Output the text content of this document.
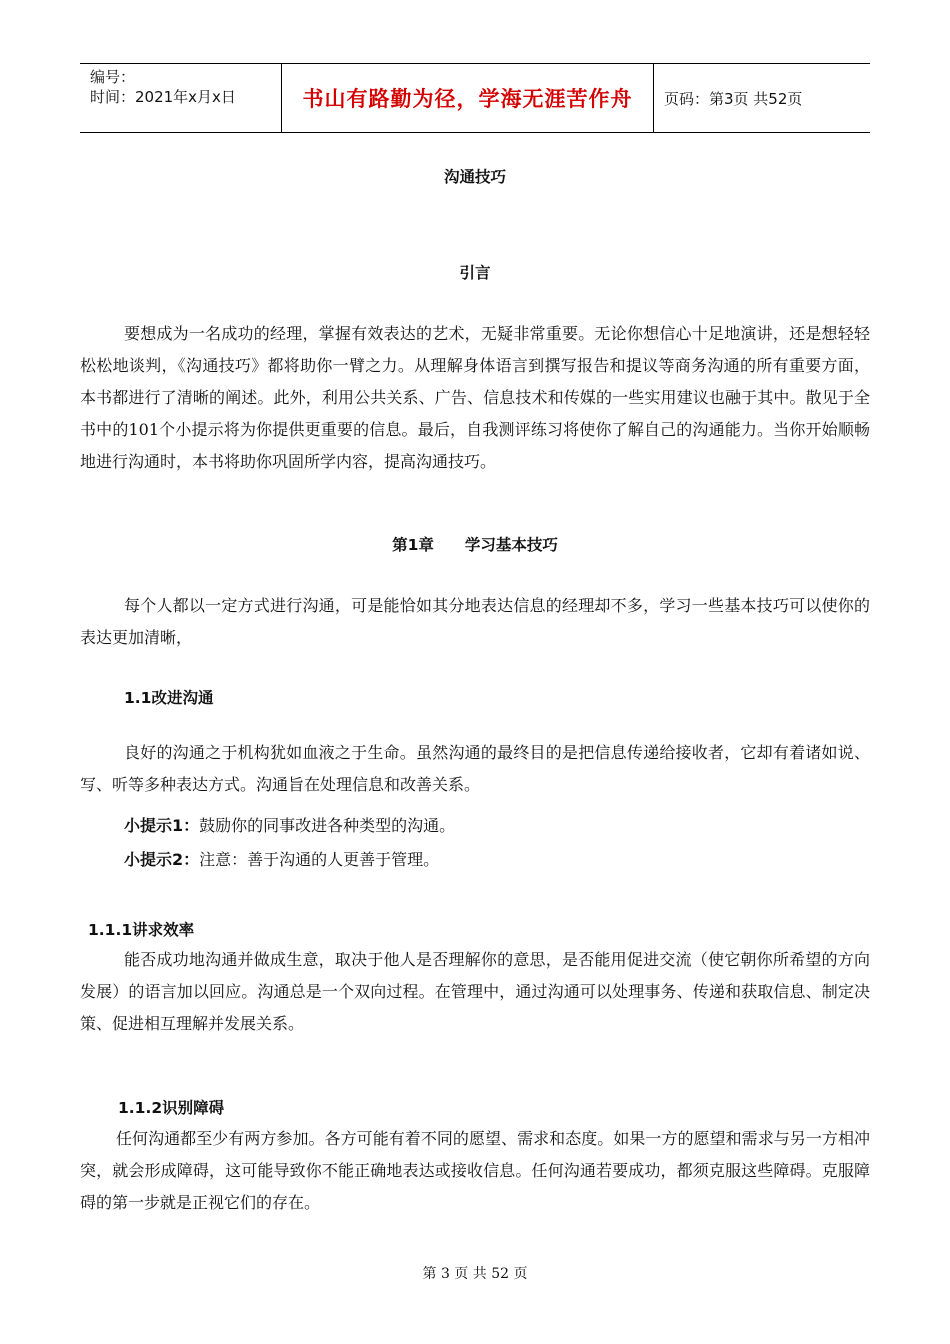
编号：
时间：2021年x月x日	书山有路勤为径，学海无涯苦作舟 页码：第3页 共52页
沟通技巧
引言

要想成为一名成功的经理，掌握有效表达的艺术，无疑非常重要。无论你想信心十足地演讲，还是想轻轻松松地谈判，《沟通技巧》都将助你一臂之力。从理解身体语言到撰写报告和提议等商务沟通的所有重要方面，本书都进行了清晰的阐述。此外，利用公共关系、广告、信息技术和传媒的一些实用建议也融于其中。散见于全书中的101个小提示将为你提供更重要的信息。最后，自我测评练习将使你了解自己的沟通能力。当你开始顺畅地进行沟通时，本书将助你巩固所学内容，提高沟通技巧。

第1章　　学习基本技巧

每个人都以一定方式进行沟通，可是能恰如其分地表达信息的经理却不多，学习一些基本技巧可以使你的表达更加清晰，

1.1改进沟通

良好的沟通之于机构犹如血液之于生命。虽然沟通的最终目的是把信息传递给接收者，它却有着诸如说、写、听等多种表达方式。沟通旨在处理信息和改善关系。

小提示1：鼓励你的同事改进各种类型的沟通。
小提示2：注意：善于沟通的人更善于管理。
1.1.1讲求效率

能否成功地沟通并做成生意，取决于他人是否理解你的意思，是否能用促进交流（使它朝你所希望的方向发展）的语言加以回应。沟通总是一个双向过程。在管理中，通过沟通可以处理事务、传递和获取信息、制定决策、促进相互理解并发展关系。

1.1.2识别障碍

任何沟通都至少有两方参加。各方可能有着不同的愿望、需求和态度。如果一方的愿望和需求与另一方相冲突，就会形成障碍，这可能导致你不能正确地表达或接收信息。任何沟通若要成功，都须克服这些障碍。克服障碍的第一步就是正视它们的存在。

第 3 页 共 52 页
